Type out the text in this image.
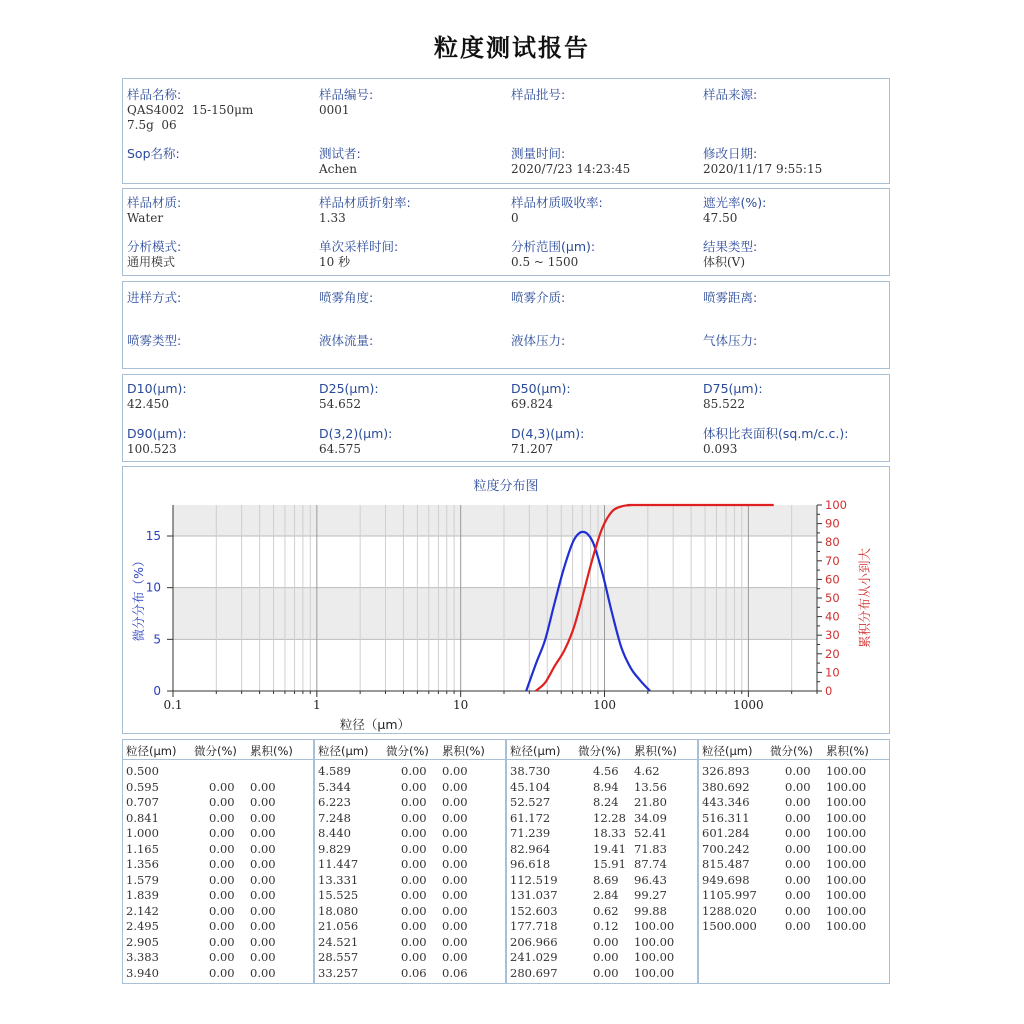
粒度测试报告
样品名称:
QAS4002  15-150μm
7.5g  06
样品编号:
0001
样品批号:	样品来源:
Sop名称:	测试者:
Achen
测量时间:
2020/7/23 14:23:45
修改日期:
2020/11/17 9:55:15
样品材质:
Water
样品材质折射率:
1.33
样品材质吸收率:
0
遮光率(%):
47.50
分析模式:
通用模式
单次采样时间:
10 秒
分析范围(μm):
0.5 ~ 1500
结果类型:
体积(V)
进样方式:	喷雾角度:	喷雾介质:	喷雾距离:
喷雾类型:	液体流量:	液体压力:	气体压力:
D10(μm):
42.450
D25(μm):
54.652
D50(μm):
69.824
D75(μm):
85.522
D90(μm):
100.523
D(3,2)(μm):
64.575
D(4,3)(μm):
71.207
体积比表面积(sq.m/c.c.):
0.093
粒度分布图
0.1	1	10	100	1000
0
5
10
15
0
10
20
30
40
50
60
70
80
90
100
粒径（μm）
微分分布（%）	累积分布从小到大
粒径(μm) 微分(%) 累积(%)
0.500
0.595	0.00 0.00
0.707	0.00 0.00
0.841	0.00 0.00
1.000	0.00 0.00
1.165	0.00 0.00
1.356	0.00 0.00
1.579	0.00 0.00
1.839	0.00 0.00
2.142	0.00 0.00
2.495	0.00 0.00
2.905	0.00 0.00
3.383	0.00 0.00
3.940	0.00 0.00
粒径(μm) 微分(%) 累积(%)
4.589	0.00 0.00
5.344	0.00 0.00
6.223	0.00 0.00
7.248	0.00 0.00
8.440	0.00 0.00
9.829	0.00 0.00
11.447	0.00 0.00
13.331	0.00 0.00
15.525	0.00 0.00
18.080	0.00 0.00
21.056	0.00 0.00
24.521	0.00 0.00
28.557	0.00 0.00
33.257	0.06 0.06
粒径(μm) 微分(%) 累积(%)
38.730	4.56 4.62
45.104	8.94 13.56
52.527	8.24 21.80
61.172	12.28 34.09
71.239	18.33 52.41
82.964	19.41 71.83
96.618	15.91 87.74
112.519	8.69 96.43
131.037	2.84 99.27
152.603	0.62 99.88
177.718	0.12 100.00
206.966	0.00 100.00
241.029	0.00 100.00
280.697	0.00 100.00
粒径(μm) 微分(%) 累积(%)
326.893	0.00 100.00
380.692	0.00 100.00
443.346	0.00 100.00
516.311	0.00 100.00
601.284	0.00 100.00
700.242	0.00 100.00
815.487	0.00 100.00
949.698	0.00 100.00
1105.997 0.00 100.00
1288.020 0.00 100.00
1500.000 0.00 100.00
